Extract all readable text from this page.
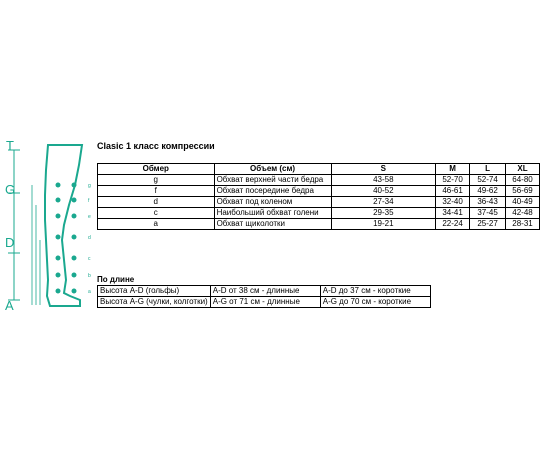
T
G
D
A
g
f
e
d
c
b
a
Clasic 1 класс компрессии
Обмер	Объем (см)	S	M	L	XL
g	Обхват верхней части бедра	43-58	52-70	52-74	64-80
f	Обхват посередине бедра	40-52	46-61	49-62	56-69
d	Обхват под коленом	27-34	32-40	36-43	40-49
c	Наибольший обхват голени	29-35	34-41	37-45	42-48
a	Обхват щиколотки	19-21	22-24	25-27	28-31
По длине
Высота A-D (гольфы)	A-D от 38 см - длинные	A-D до 37 см - короткие
Высота A-G (чулки, колготки)	A-G от 71 см - длинные	A-G до 70 см - короткие
